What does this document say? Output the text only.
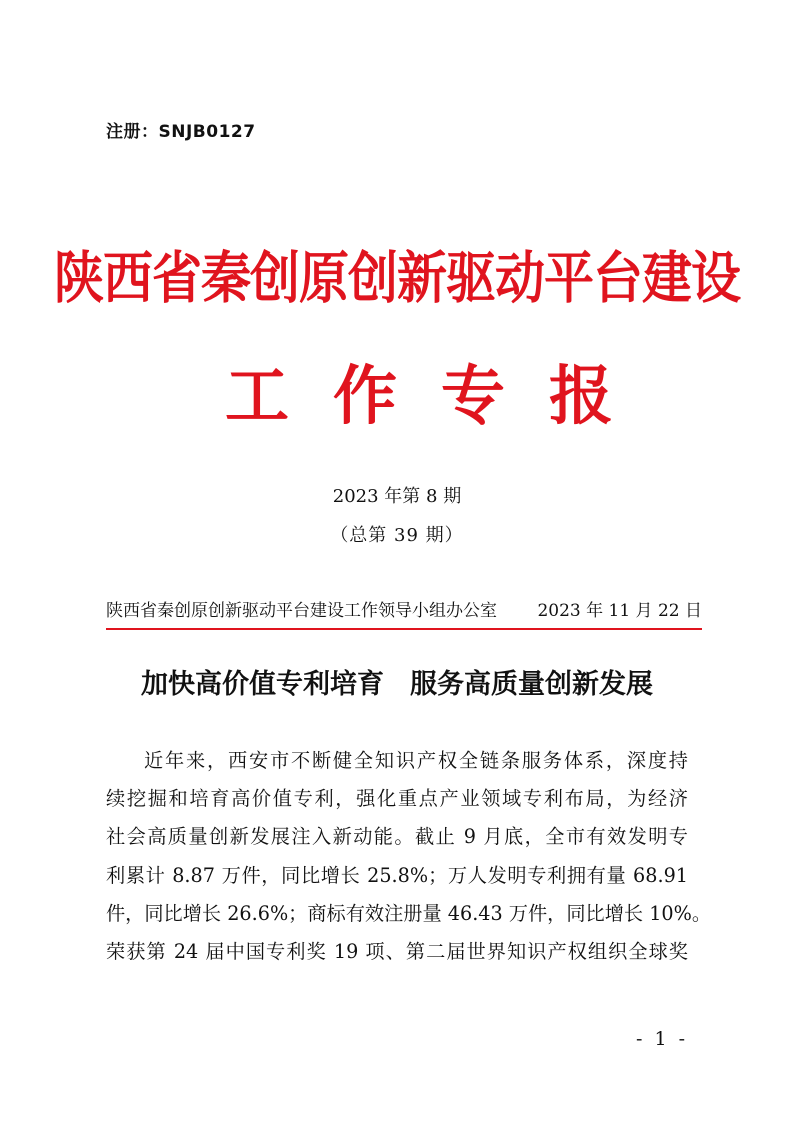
注册：SNJB0127
陕西省秦创原创新驱动平台建设
工作专报
2023 年第 8 期
（总第 39 期）
陕西省秦创原创新驱动平台建设工作领导小组办公室 2023 年 11 月 22 日
加快高价值专利培育 服务高质量创新发展
近年来，西安市不断健全知识产权全链条服务体系，深度持
续挖掘和培育高价值专利，强化重点产业领域专利布局，为经济
社会高质量创新发展注入新动能。截止 9 月底，全市有效发明专
利累计 8.87 万件，同比增长 25.8%；万人发明专利拥有量 68.91
件，同比增长 26.6%；商标有效注册量 46.43 万件，同比增长 10%。
荣获第 24 届中国专利奖 19 项、第二届世界知识产权组织全球奖
- 1 -
